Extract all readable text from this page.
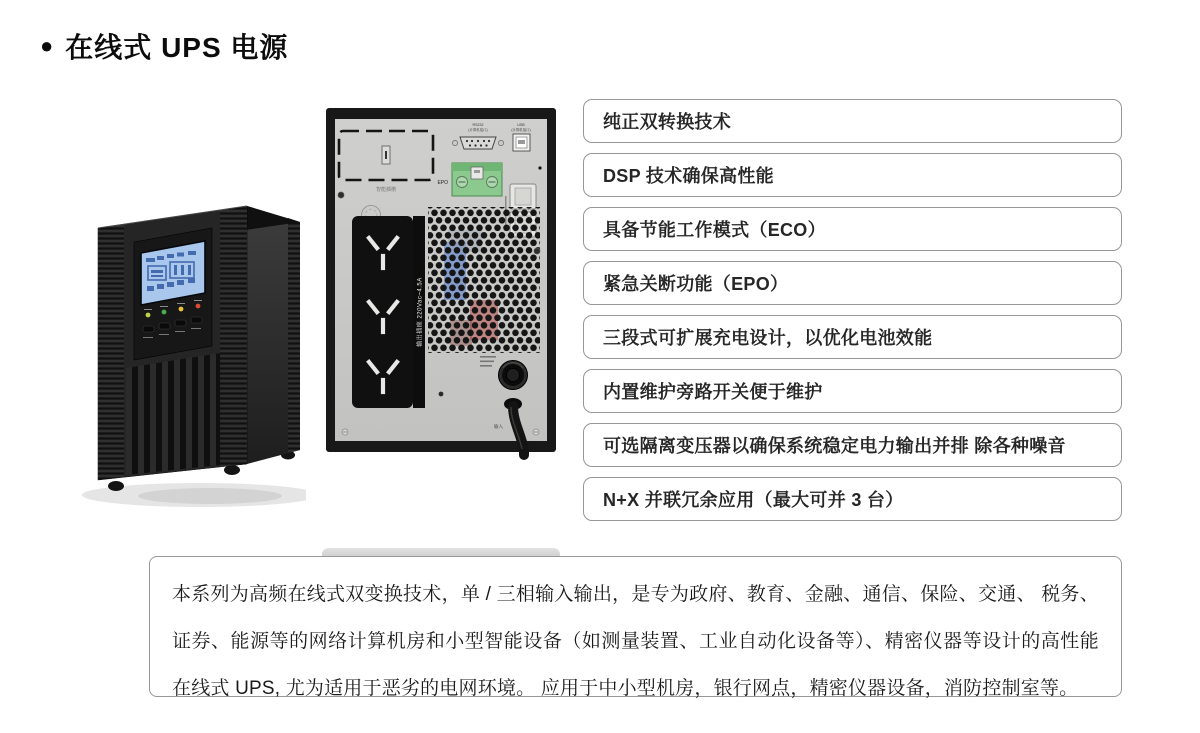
● 在线式 UPS 电源
智能插槽
RS232
(计算机接口)
USB
(计算机接口)
EPO
输出插座 220Vac~4.5A
输入
纯正双转换技术
DSP 技术确保高性能
具备节能工作模式（ECO）
紧急关断功能（EPO）
三段式可扩展充电设计，以优化电池效能
内置维护旁路开关便于维护
可选隔离变压器以确保系统稳定电力输出并排 除各种噪音
N+X 并联冗余应用（最大可并 3 台）

本系列为高频在线式双变换技术，单 / 三相输入输出，是专为政府、教育、金融、通信、保险、交通、 税务、证券、能源等的网络计算机房和小型智能设备（如测量装置、工业自动化设备等）、精密仪器等设计的高性能在线式 UPS, 尤为适用于恶劣的电网环境。 应用于中小型机房，银行网点，精密仪器设备，消防控制室等。
